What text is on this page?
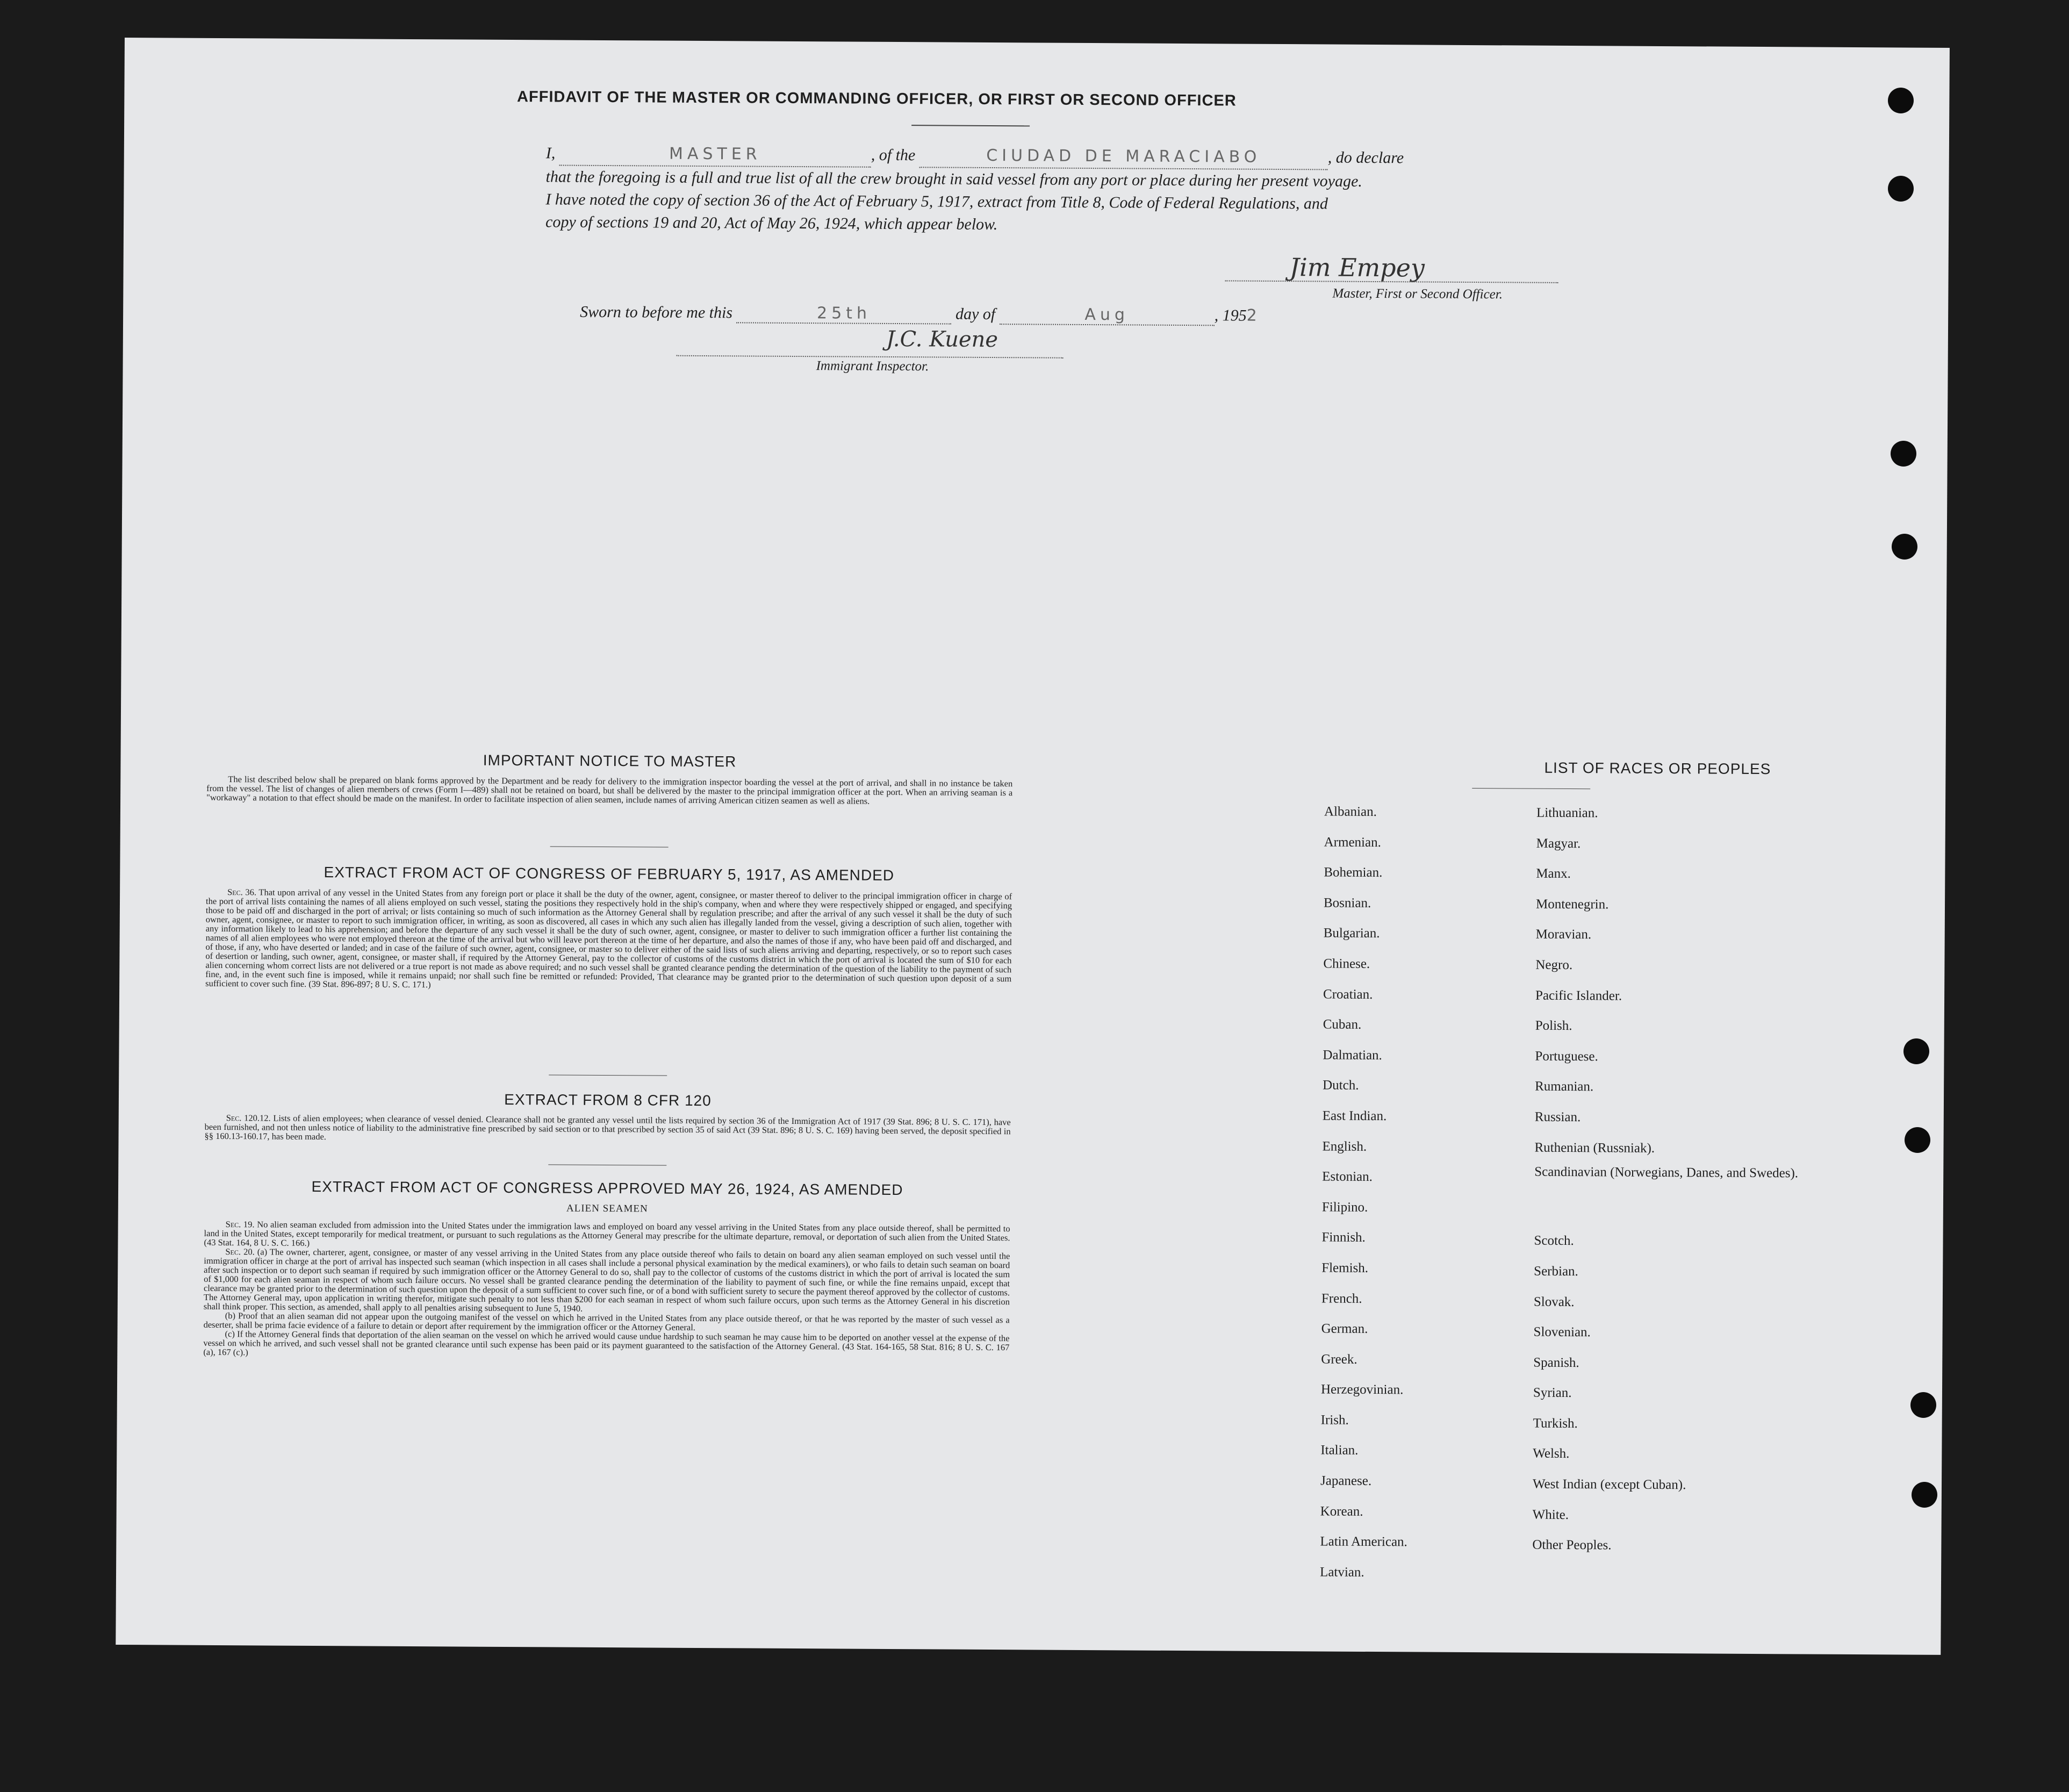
AFFIDAVIT OF THE MASTER OR COMMANDING OFFICER, OR FIRST OR SECOND OFFICER

I,	MASTER	, of the	CIUDAD DE MARACIABO	, do declare

that the foregoing is a full and true list of all the crew brought in said vessel from any port or place during her present voyage.

I have noted the copy of section 36 of the Act of February 5, 1917, extract from Title 8, Code of Federal Regulations, and

copy of sections 19 and 20, Act of May 26, 1924, which appear below.

Jim Empey
Master, First or Second Officer.
Sworn to before me this	25th	day of	Aug	, 1952
J.C. Kuene
Immigrant Inspector.
IMPORTANT NOTICE TO MASTER

The list described below shall be prepared on blank forms approved by the Department and be ready for delivery to the immigration inspector boarding the vessel at the port of arrival, and shall in no instance be taken from the vessel. The list of changes of alien members of crews (Form I—489) shall not be retained on board, but shall be delivered by the master to the principal immigration officer at the port. When an arriving seaman is a "workaway" a notation to that effect should be made on the manifest. In order to facilitate inspection of alien seamen, include names of arriving American citizen seamen as well as aliens.

EXTRACT FROM ACT OF CONGRESS OF FEBRUARY 5, 1917, AS AMENDED

Sec. 36. That upon arrival of any vessel in the United States from any foreign port or place it shall be the duty of the owner, agent, consignee, or master thereof to deliver to the principal immigration officer in charge of the port of arrival lists containing the names of all aliens employed on such vessel, stating the positions they respectively hold in the ship's company, when and where they were respectively shipped or engaged, and specifying those to be paid off and discharged in the port of arrival; or lists containing so much of such information as the Attorney General shall by regulation prescribe; and after the arrival of any such vessel it shall be the duty of such owner, agent, consignee, or master to report to such immigration officer, in writing, as soon as discovered, all cases in which any such alien has illegally landed from the vessel, giving a description of such alien, together with any information likely to lead to his apprehension; and before the departure of any such vessel it shall be the duty of such owner, agent, consignee, or master to deliver to such immigration officer a further list containing the names of all alien employees who were not employed thereon at the time of the arrival but who will leave port thereon at the time of her departure, and also the names of those if any, who have been paid off and discharged, and of those, if any, who have deserted or landed; and in case of the failure of such owner, agent, consignee, or master so to deliver either of the said lists of such aliens arriving and departing, respectively, or so to report such cases of desertion or landing, such owner, agent, consignee, or master shall, if required by the Attorney General, pay to the collector of customs of the customs district in which the port of arrival is located the sum of $10 for each alien concerning whom correct lists are not delivered or a true report is not made as above required; and no such vessel shall be granted clearance pending the determination of the question of the liability to the payment of such fine, and, in the event such fine is imposed, while it remains unpaid; nor shall such fine be remitted or refunded: Provided, That clearance may be granted prior to the determination of such question upon deposit of a sum sufficient to cover such fine. (39 Stat. 896-897; 8 U. S. C. 171.)

EXTRACT FROM 8 CFR 120

Sec. 120.12. Lists of alien employees; when clearance of vessel denied. Clearance shall not be granted any vessel until the lists required by section 36 of the Immigration Act of 1917 (39 Stat. 896; 8 U. S. C. 171), have been furnished, and not then unless notice of liability to the administrative fine prescribed by said section or to that prescribed by section 35 of said Act (39 Stat. 896; 8 U. S. C. 169) having been served, the deposit specified in §§ 160.13-160.17, has been made.

EXTRACT FROM ACT OF CONGRESS APPROVED MAY 26, 1924, AS AMENDED
ALIEN SEAMEN

Sec. 19. No alien seaman excluded from admission into the United States under the immigration laws and employed on board any vessel arriving in the United States from any place outside thereof, shall be permitted to land in the United States, except temporarily for medical treatment, or pursuant to such regulations as the Attorney General may prescribe for the ultimate departure, removal, or deportation of such alien from the United States. (43 Stat. 164, 8 U. S. C. 166.)

Sec. 20. (a) The owner, charterer, agent, consignee, or master of any vessel arriving in the United States from any place outside thereof who fails to detain on board any alien seaman employed on such vessel until the immigration officer in charge at the port of arrival has inspected such seaman (which inspection in all cases shall include a personal physical examination by the medical examiners), or who fails to detain such seaman on board after such inspection or to deport such seaman if required by such immigration officer or the Attorney General to do so, shall pay to the collector of customs of the customs district in which the port of arrival is located the sum of $1,000 for each alien seaman in respect of whom such failure occurs. No vessel shall be granted clearance pending the determination of the liability to payment of such fine, or while the fine remains unpaid, except that clearance may be granted prior to the determination of such question upon the deposit of a sum sufficient to cover such fine, or of a bond with sufficient surety to secure the payment thereof approved by the collector of customs. The Attorney General may, upon application in writing therefor, mitigate such penalty to not less than $200 for each seaman in respect of whom such failure occurs, upon such terms as the Attorney General in his discretion shall think proper. This section, as amended, shall apply to all penalties arising subsequent to June 5, 1940.

(b) Proof that an alien seaman did not appear upon the outgoing manifest of the vessel on which he arrived in the United States from any place outside thereof, or that he was reported by the master of such vessel as a deserter, shall be prima facie evidence of a failure to detain or deport after requirement by the immigration officer or the Attorney General.

(c) If the Attorney General finds that deportation of the alien seaman on the vessel on which he arrived would cause undue hardship to such seaman he may cause him to be deported on another vessel at the expense of the vessel on which he arrived, and such vessel shall not be granted clearance until such expense has been paid or its payment guaranteed to the satisfaction of the Attorney General. (43 Stat. 164-165, 58 Stat. 816; 8 U. S. C. 167 (a), 167 (c).)

LIST OF RACES OR PEOPLES
Albanian.
Armenian.
Bohemian.
Bosnian.
Bulgarian.
Chinese.
Croatian.
Cuban.
Dalmatian.
Dutch.
East Indian.
English.
Estonian.
Filipino.
Finnish.
Flemish.
French.
German.
Greek.
Herzegovinian.
Irish.
Italian.
Japanese.
Korean.
Latin American.
Latvian.
Lithuanian.
Magyar.
Manx.
Montenegrin.
Moravian.
Negro.
Pacific Islander.
Polish.
Portuguese.
Rumanian.
Russian.
Ruthenian (Russniak).
Scandinavian (Norwegians, Danes, and Swedes).
Scotch.
Serbian.
Slovak.
Slovenian.
Spanish.
Syrian.
Turkish.
Welsh.
West Indian (except Cuban).
White.
Other Peoples.
